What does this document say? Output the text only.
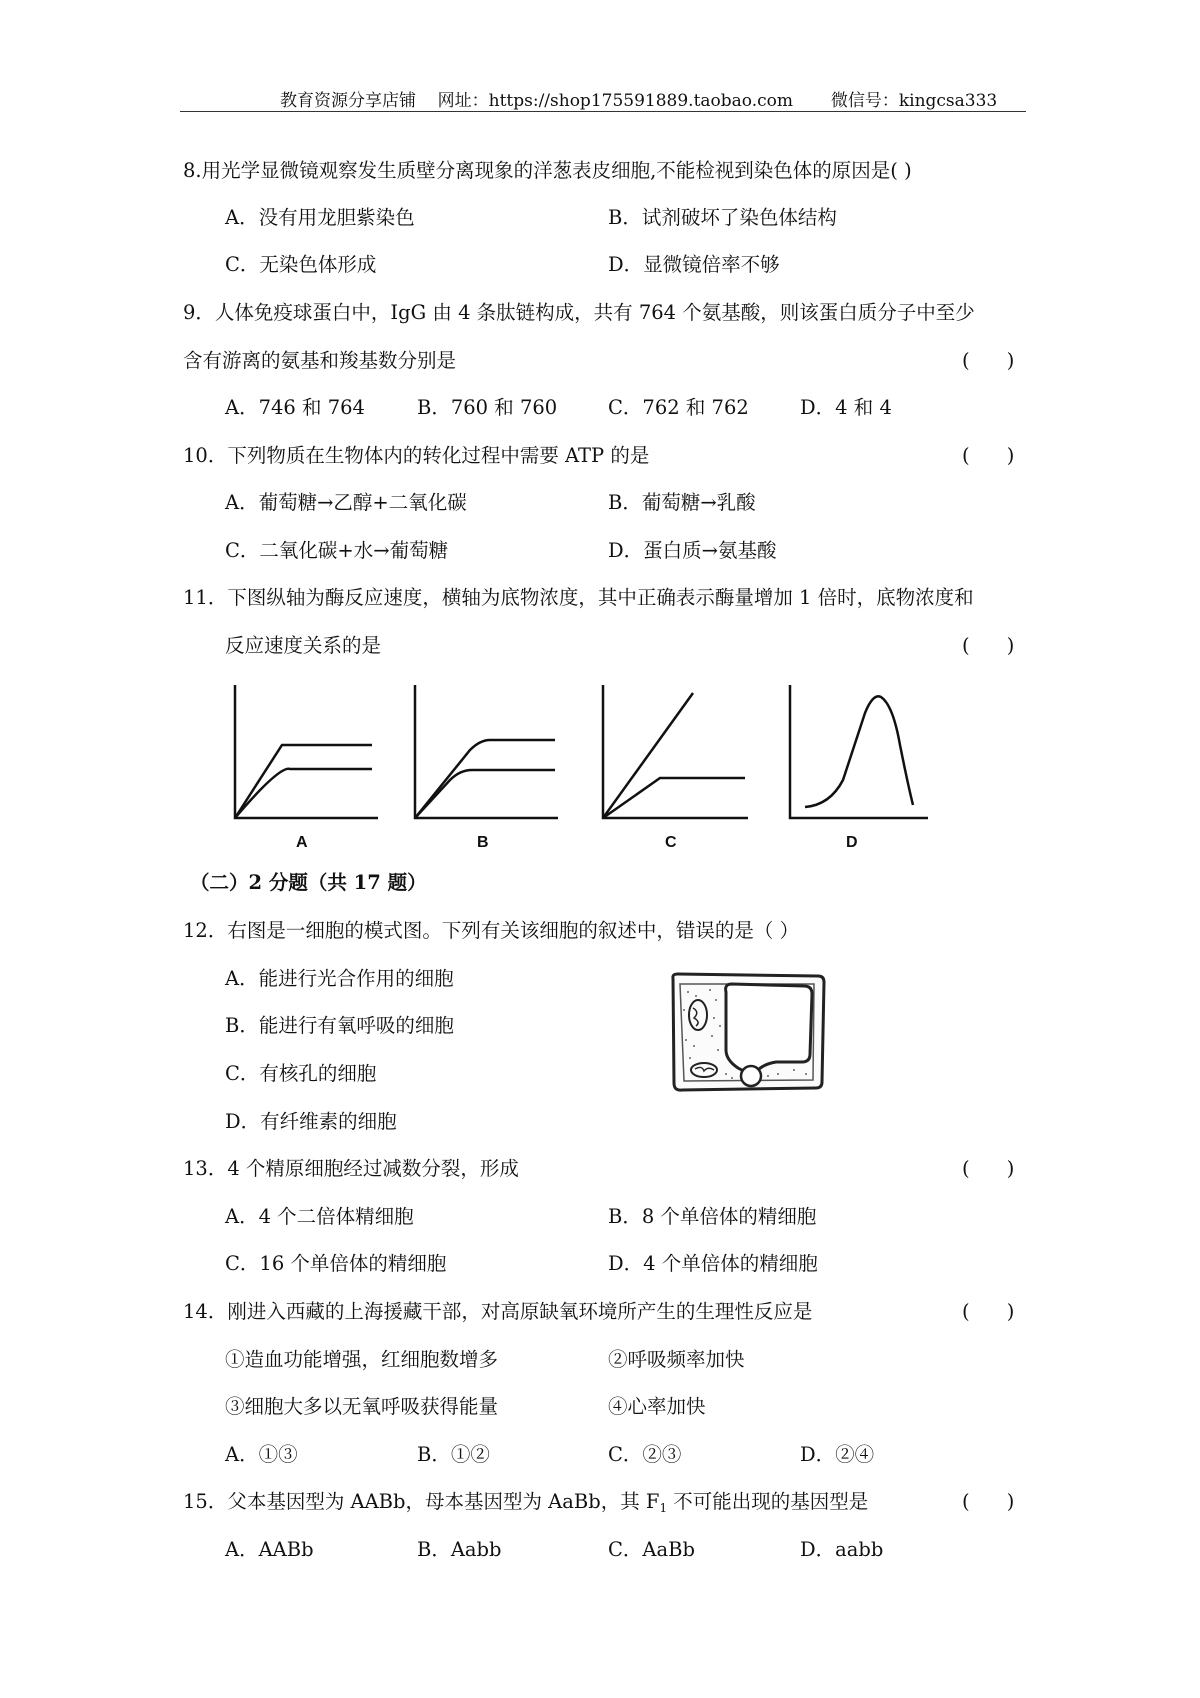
教育资源分享店铺 网址：https://shop175591889.taobao.com 微信号：kingcsa333
8.用光学显微镜观察发生质壁分离现象的洋葱表皮细胞,不能检视到染色体的原因是( )
A．没有用龙胆紫染色	B．试剂破坏了染色体结构
C．无染色体形成	D．显微镜倍率不够
9．人体免疫球蛋白中，IgG 由 4 条肽链构成，共有 764 个氨基酸，则该蛋白质分子中至少
含有游离的氨基和羧基数分别是	(      )
A．746 和 764	B．760 和 760	C．762 和 762	D．4 和 4
10．下列物质在生物体内的转化过程中需要 ATP 的是	(      )
A．葡萄糖→乙醇+二氧化碳	B．葡萄糖→乳酸
C．二氧化碳+水→葡萄糖	D．蛋白质→氨基酸
11．下图纵轴为酶反应速度，横轴为底物浓度，其中正确表示酶量增加 1 倍时，底物浓度和
反应速度关系的是	(      )
A	B	C	D
（二）2 分题（共 17 题）
12．右图是一细胞的模式图。下列有关该细胞的叙述中，错误的是（ ）
A．能进行光合作用的细胞
B．能进行有氧呼吸的细胞
C．有核孔的细胞
D．有纤维素的细胞
13．4 个精原细胞经过减数分裂，形成	(      )
A．4 个二倍体精细胞	B．8 个单倍体的精细胞
C．16 个单倍体的精细胞	D．4 个单倍体的精细胞
14．刚进入西藏的上海援藏干部，对高原缺氧环境所产生的生理性反应是	(      )
①造血功能增强，红细胞数增多	②呼吸频率加快
③细胞大多以无氧呼吸获得能量	④心率加快
A．①③	B．①②	C．②③	D．②④
15．父本基因型为 AABb，母本基因型为 AaBb，其 $F_1$ 不可能出现的基因型是	(      )
A．AABb	B．Aabb	C．AaBb	D．aabb
